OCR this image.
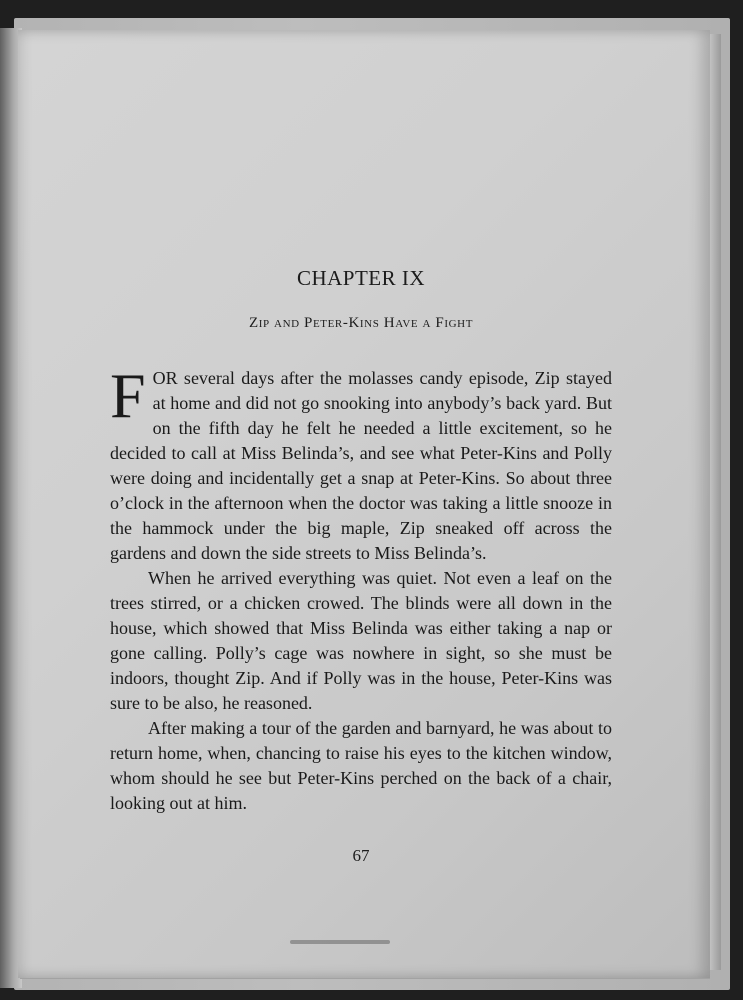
CHAPTER IX
Zip and Peter-Kins Have a Fight

FOR several days after the molasses candy episode, Zip stayed at home and did not go snooking into anybody’s back yard. But on the fifth day he felt he needed a little excitement, so he decided to call at Miss Belinda’s, and see what Peter-Kins and Polly were doing and incidentally get a snap at Peter-Kins. So about three o’clock in the afternoon when the doctor was taking a little snooze in the hammock under the big maple, Zip sneaked off across the gardens and down the side streets to Miss Belinda’s.

When he arrived everything was quiet. Not even a leaf on the trees stirred, or a chicken crowed. The blinds were all down in the house, which showed that Miss Belinda was either taking a nap or gone calling. Polly’s cage was nowhere in sight, so she must be indoors, thought Zip. And if Polly was in the house, Peter-Kins was sure to be also, he reasoned.

After making a tour of the garden and barnyard, he was about to return home, when, chancing to raise his eyes to the kitchen window, whom should he see but Peter-Kins perched on the back of a chair, looking out at him.

67
